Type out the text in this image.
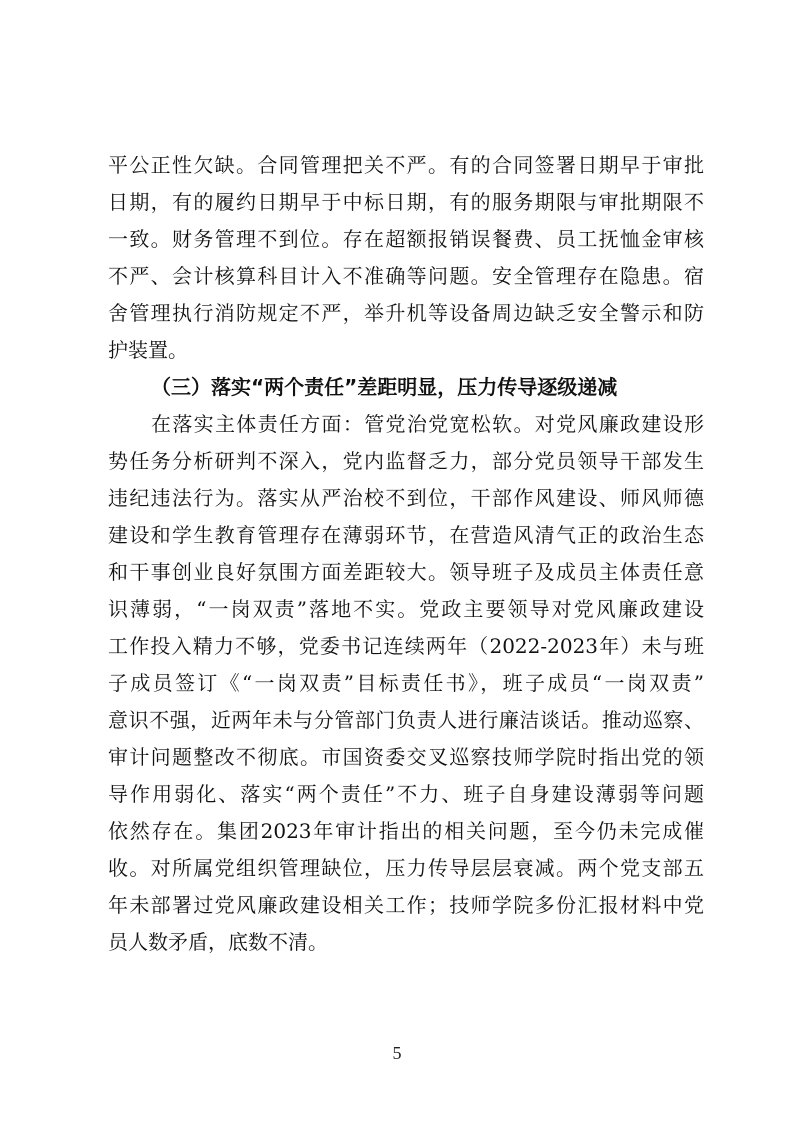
平公正性欠缺。合同管理把关不严。有的合同签署日期早于审批
日期，有的履约日期早于中标日期，有的服务期限与审批期限不
一致。财务管理不到位。存在超额报销误餐费、员工抚恤金审核
不严、会计核算科目计入不准确等问题。安全管理存在隐患。宿
舍管理执行消防规定不严，举升机等设备周边缺乏安全警示和防
护装置。
（三）落实“两个责任”差距明显，压力传导逐级递减
在落实主体责任方面：管党治党宽松软。对党风廉政建设形
势任务分析研判不深入，党内监督乏力，部分党员领导干部发生
违纪违法行为。落实从严治校不到位，干部作风建设、师风师德
建设和学生教育管理存在薄弱环节，在营造风清气正的政治生态
和干事创业良好氛围方面差距较大。领导班子及成员主体责任意
识薄弱，“一岗双责”落地不实。党政主要领导对党风廉政建设
工作投入精力不够，党委书记连续两年（2022-2023年）未与班
子成员签订《“一岗双责”目标责任书》，班子成员“一岗双责”
意识不强，近两年未与分管部门负责人进行廉洁谈话。推动巡察、
审计问题整改不彻底。市国资委交叉巡察技师学院时指出党的领
导作用弱化、落实“两个责任”不力、班子自身建设薄弱等问题
依然存在。集团2023年审计指出的相关问题，至今仍未完成催
收。对所属党组织管理缺位，压力传导层层衰减。两个党支部五
年未部署过党风廉政建设相关工作；技师学院多份汇报材料中党
员人数矛盾，底数不清。
5
